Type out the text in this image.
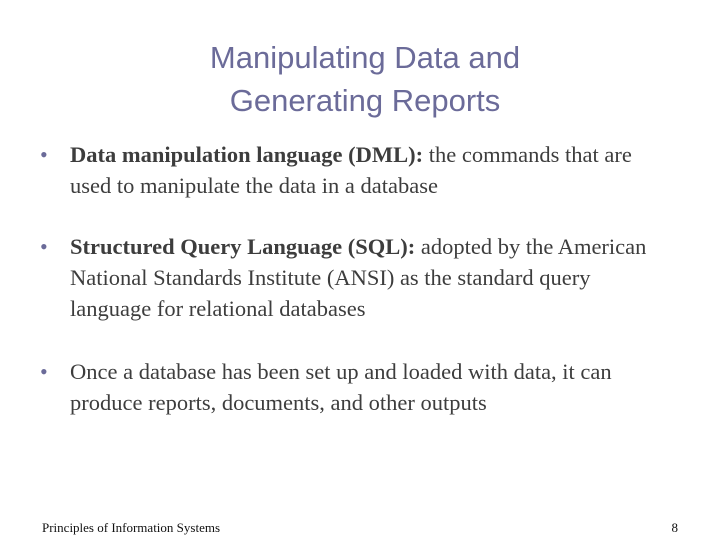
Manipulating Data and
Generating Reports
• Data manipulation language (DML): the commands that are used to manipulate the data in a database
• Structured Query Language (SQL): adopted by the American National Standards Institute (ANSI) as the standard query language for relational databases
• Once a database has been set up and loaded with data, it can produce reports, documents, and other outputs
Principles of Information Systems	8
